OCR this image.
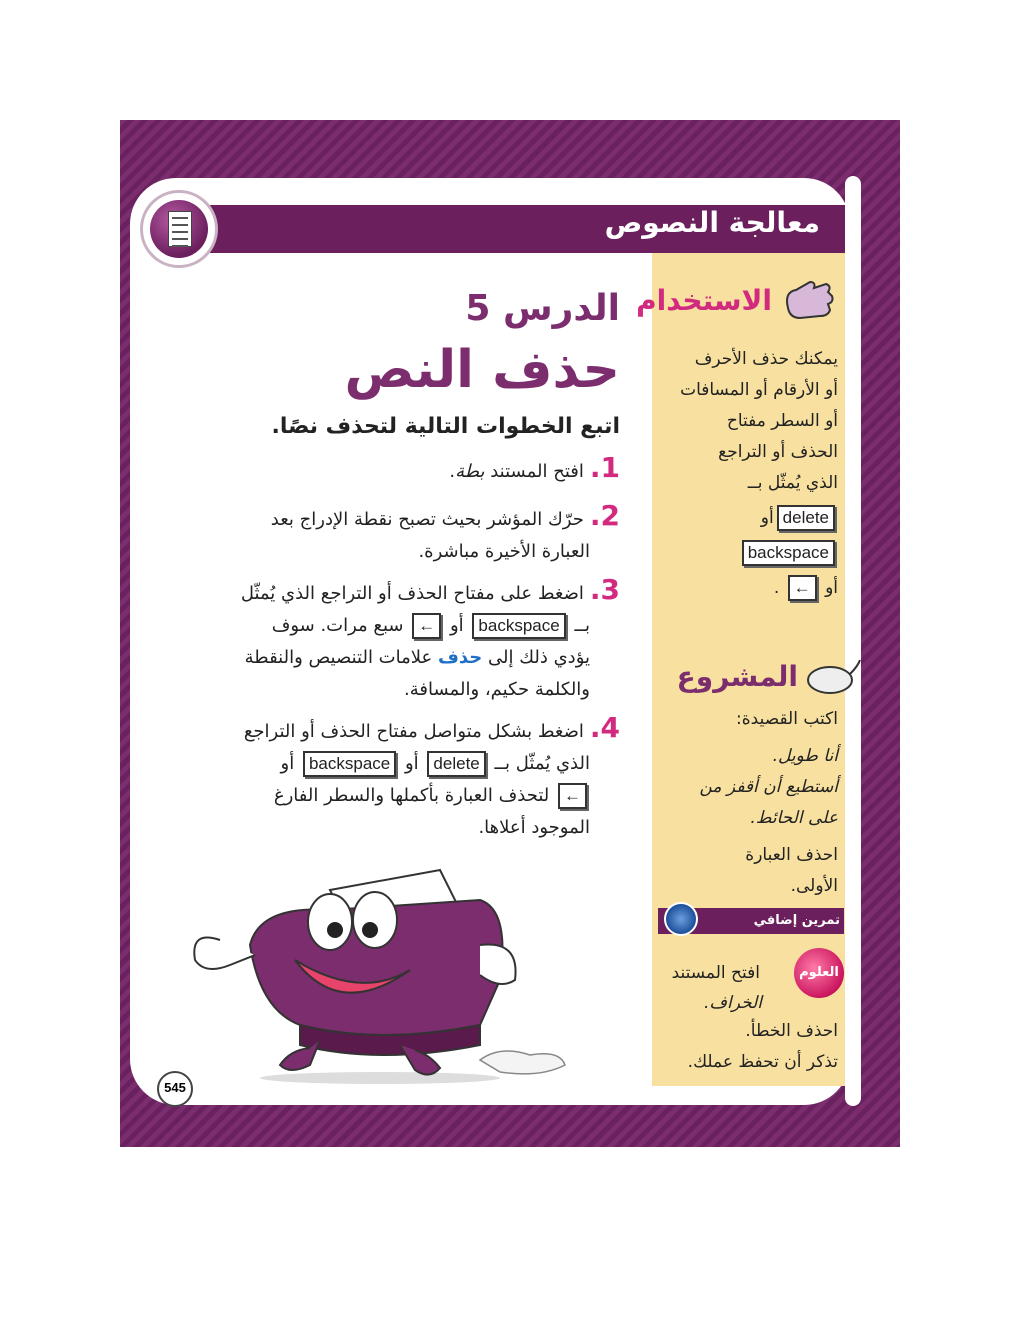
معالجة النصوص
الدرس 5
حذف النص
اتبع الخطوات التالية لتحذف نصًا.
1.افتح المستند بطة.
2.حرّك المؤشر بحيث تصبح نقطة الإدراج بعد
العبارة الأخيرة مباشرة.
3.اضغط على مفتاح الحذف أو التراجع الذي يُمثّل
بــ backspace أو ← سبع مرات. سوف
يؤدي ذلك إلى حذف علامات التنصيص والنقطة
والكلمة حكيم، والمسافة.
4.اضغط بشكل متواصل مفتاح الحذف أو التراجع
الذي يُمثّل بــ delete أو backspace أو
← لتحذف العبارة بأكملها والسطر الفارغ
الموجود أعلاها.
545
الاستخدام
يمكنك حذف الأحرف
أو الأرقام أو المسافات
أو السطر مفتاح
الحذف أو التراجع
الذي يُمثّل بــ
deleteأو
backspace
أو ← .
المشروع
اكتب القصيدة:
أنا طويل.
أستطيع أن أقفز من
على الحائط.
احذف العبارة
الأولى.
تمرين إضافي
العلوم
افتح المستند
الخراف.
احذف الخطأ.
تذكر أن تحفظ عملك.
